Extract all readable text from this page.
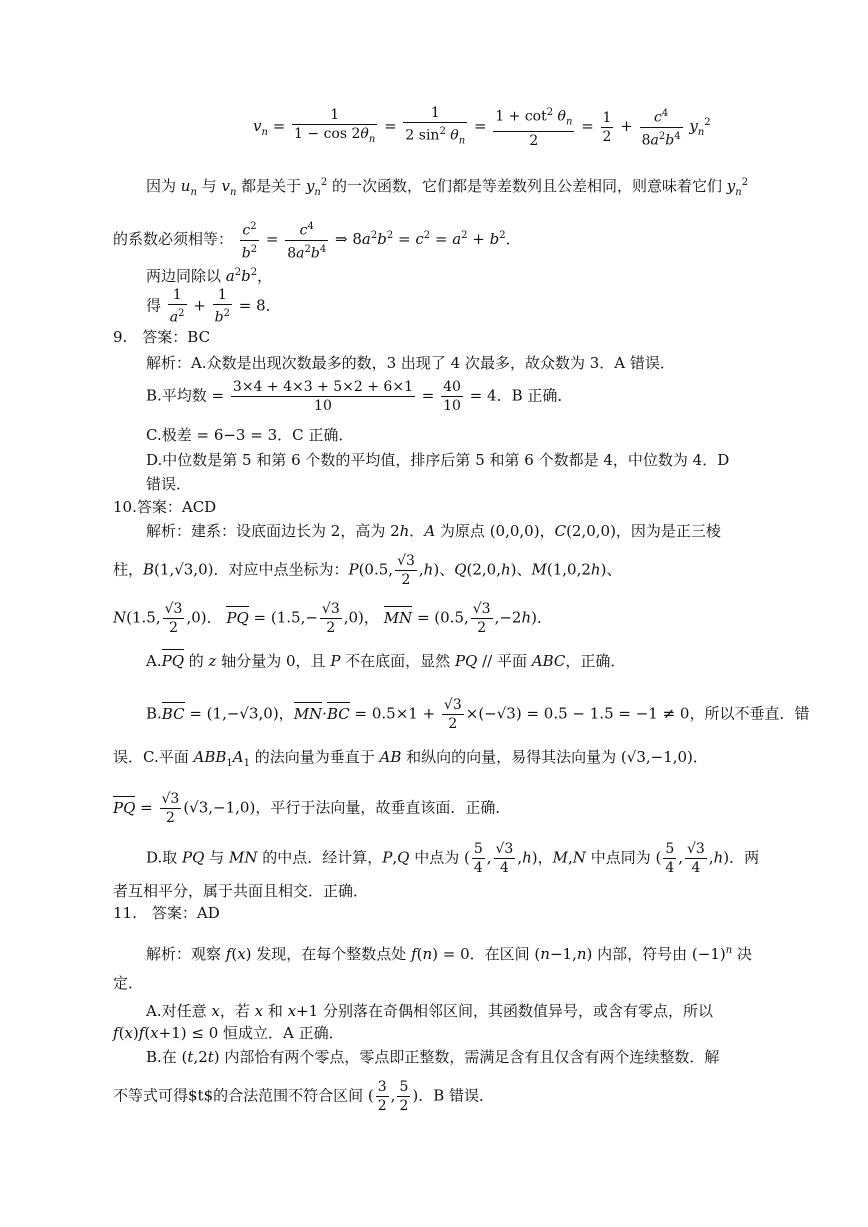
$v_n = \frac{1}{1 - \cos 2\theta_n} = \frac{1}{2 \sin^2 \theta_n} = \frac{1 + \cot^2 \theta_n}{2} = \frac{1}{2} + \frac{c^4}{8a^2b^4} y_n^2$
因为 $u_n$ 与 $v_n$ 都是关于 $y_n^2$ 的一次函数，它们都是等差数列且公差相同，则意味着它们 $y_n^2$
的系数必须相等： $\frac{c^2}{b^2} = \frac{c^4}{8a^2b^4}$ ⇒ $8a^2b^2 = c^2 = a^2 + b^2$．
两边同除以 $a^2b^2$，
得 $\frac{1}{a^2} + \frac{1}{b^2} = 8$．
9.　答案：BC
解析：A.众数是出现次数最多的数，3 出现了 4 次最多，故众数为 3．A 错误．
B.平均数 = $\frac{3\times 4 + 4\times 3 + 5\times 2 + 6\times 1}{10} = \frac{40}{10} = 4$．B 正确．
C.极差 = 6−3 = 3．C 正确．
D.中位数是第 5 和第 6 个数的平均值，排序后第 5 和第 6 个数都是 4，中位数为 4．D
错误．
10.答案：ACD
解析：建系：设底面边长为 2，高为 2h．A 为原点 (0,0,0)，C(2,0,0)，因为是正三棱
柱，B(1,√3,0)．对应中点坐标为：P(0.5, $\frac{√3}{2} ,h$)、Q(2,0,h)、M(1,0,2h)、
N(1.5, $\frac{√3}{2} ,0$)． PQ = $(1.5,- \frac{√3}{2} ,0)$， MN = (0.5, $\frac{√3}{2} ,-2h$)．
A.PQ 的 z 轴分量为 0，且 P 不在底面，显然 PQ // 平面 ABC，正确．
B.BC = (1,−√3,0)，$MN\cdot BC = 0.5\times 1 + \frac{√3}{2} \times(-√3) = 0.5 - 1.5 = -1 \ne 0$，所以不垂直．错
误．C.平面 $ABB_1A_1$ 的法向量为垂直于 AB 和纵向的向量，易得其法向量为 (√3,−1,0)．
PQ = $\frac{√3}{2} (√3,-1,0)$，平行于法向量，故垂直该面．正确．
D.取 PQ 与 MN 的中点．经计算，P,Q 中点为 ( $\frac{5}{4}$ , $\frac{√3}{4} ,h$)，M,N 中点同为 ( $\frac{5}{4}$ , $\frac{√3}{4} ,h$)．两
者互相平分，属于共面且相交．正确．
11.　答案：AD
解析：观察 f(x) 发现，在每个整数点处 f(n) = 0．在区间 (n−1,n) 内部，符号由 $(-1)^n$ 决
定．
A.对任意 x，若 x 和 x+1 分别落在奇偶相邻区间，其函数值异号，或含有零点，所以
f(x)f(x+1) ≤ 0 恒成立．A 正确．
B.在 (t,2t) 内部恰有两个零点，零点即正整数，需满足含有且仅含有两个连续整数．解
不等式可得$t$的合法范围不符合区间 ( $\frac{3}{2}$ , $\frac{5}{2}$ )．B 错误．
